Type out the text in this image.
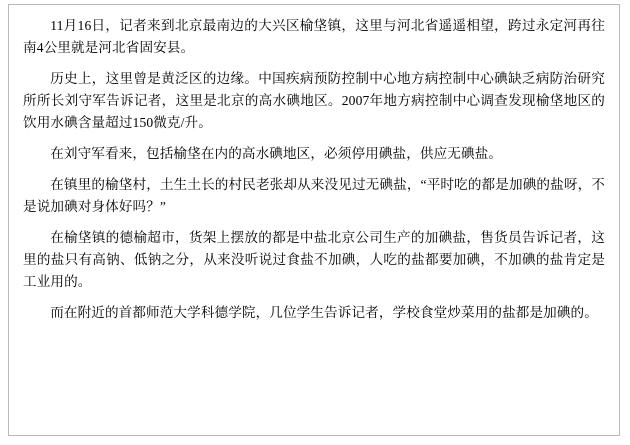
11月16日，记者来到北京最南边的大兴区榆垡镇，这里与河北省遥遥相望，跨过永定河再往南4公里就是河北省固安县。

历史上，这里曾是黄泛区的边缘。中国疾病预防控制中心地方病控制中心碘缺乏病防治研究所所长刘守军告诉记者，这里是北京的高水碘地区。2007年地方病控制中心调查发现榆垡地区的饮用水碘含量超过150微克/升。

在刘守军看来，包括榆垡在内的高水碘地区，必须停用碘盐，供应无碘盐。

在镇里的榆垡村，土生土长的村民老张却从来没见过无碘盐，“平时吃的都是加碘的盐呀，不是说加碘对身体好吗？”

在榆垡镇的德榆超市，货架上摆放的都是中盐北京公司生产的加碘盐，售货员告诉记者，这里的盐只有高钠、低钠之分，从来没听说过食盐不加碘，人吃的盐都要加碘，不加碘的盐肯定是工业用的。

而在附近的首都师范大学科德学院，几位学生告诉记者，学校食堂炒菜用的盐都是加碘的。
